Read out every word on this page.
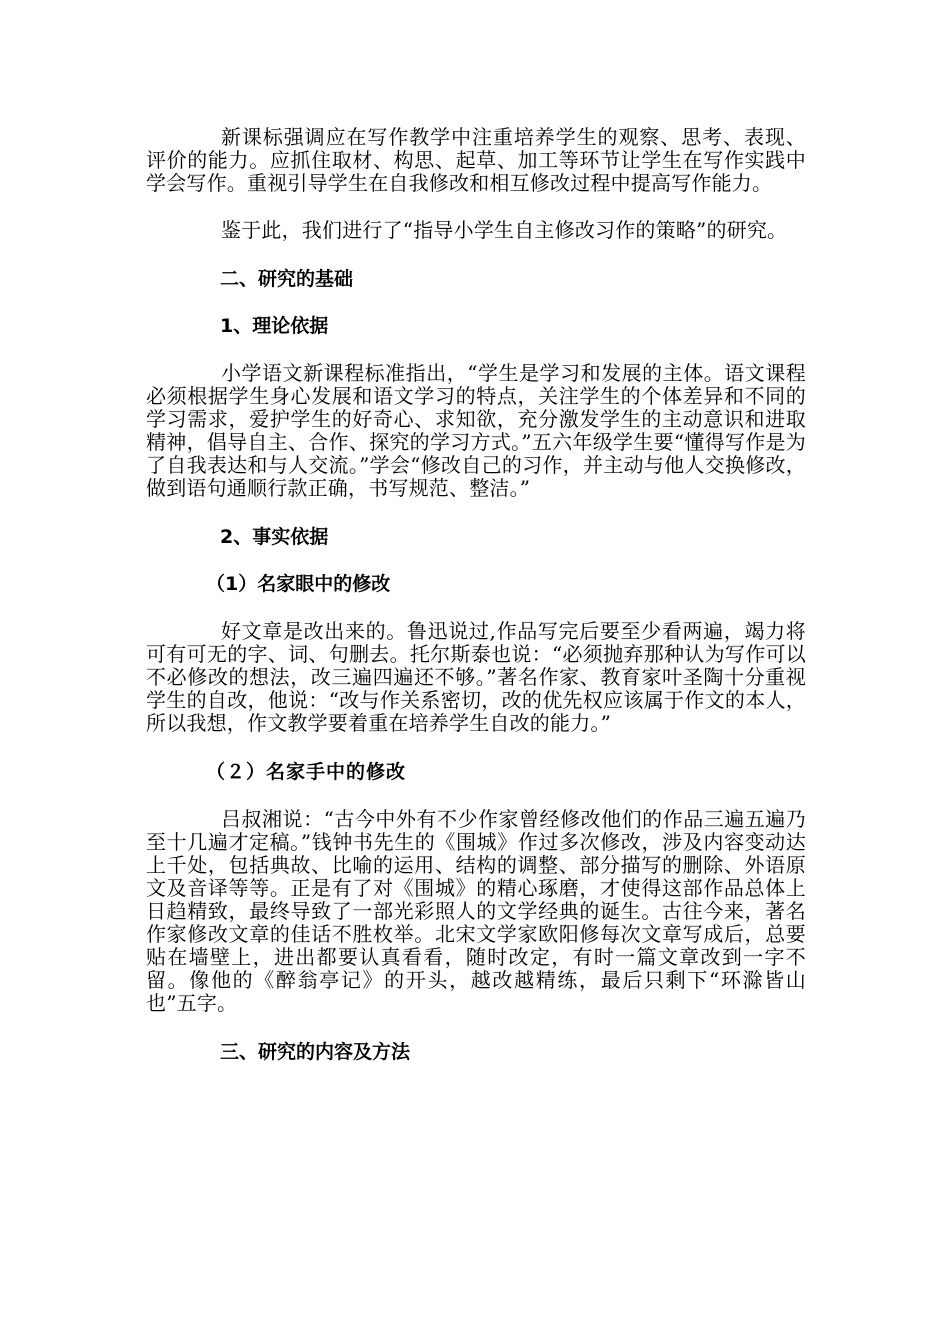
新课标强调应在写作教学中注重培养学生的观察、思考、表现、评价的能力。应抓住取材、构思、起草、加工等环节让学生在写作实践中学会写作。重视引导学生在自我修改和相互修改过程中提高写作能力。

鉴于此，我们进行了“指导小学生自主修改习作的策略”的研究。

二、研究的基础

1、理论依据

小学语文新课程标准指出，“学生是学习和发展的主体。语文课程必须根据学生身心发展和语文学习的特点，关注学生的个体差异和不同的学习需求，爱护学生的好奇心、求知欲，充分激发学生的主动意识和进取精神，倡导自主、合作、探究的学习方式。”五六年级学生要“懂得写作是为了自我表达和与人交流。”学会“修改自己的习作，并主动与他人交换修改，做到语句通顺行款正确，书写规范、整洁。”

2、事实依据

（1）名家眼中的修改

好文章是改出来的。鲁迅说过,作品写完后要至少看两遍，竭力将可有可无的字、词、句删去。托尔斯泰也说：“必须抛弃那种认为写作可以不必修改的想法，改三遍四遍还不够。”著名作家、教育家叶圣陶十分重视学生的自改，他说：“改与作关系密切，改的优先权应该属于作文的本人，所以我想，作文教学要着重在培养学生自改的能力。”

（２）名家手中的修改

吕叔湘说：“古今中外有不少作家曾经修改他们的作品三遍五遍乃至十几遍才定稿。”钱钟书先生的《围城》作过多次修改，涉及内容变动达上千处，包括典故、比喻的运用、结构的调整、部分描写的删除、外语原文及音译等等。正是有了对《围城》的精心琢磨，才使得这部作品总体上日趋精致，最终导致了一部光彩照人的文学经典的诞生。古往今来，著名作家修改文章的佳话不胜枚举。北宋文学家欧阳修每次文章写成后，总要贴在墙壁上，进出都要认真看看，随时改定，有时一篇文章改到一字不留。像他的《醉翁亭记》的开头，越改越精练，最后只剩下“环滁皆山也”五字。

三、研究的内容及方法
